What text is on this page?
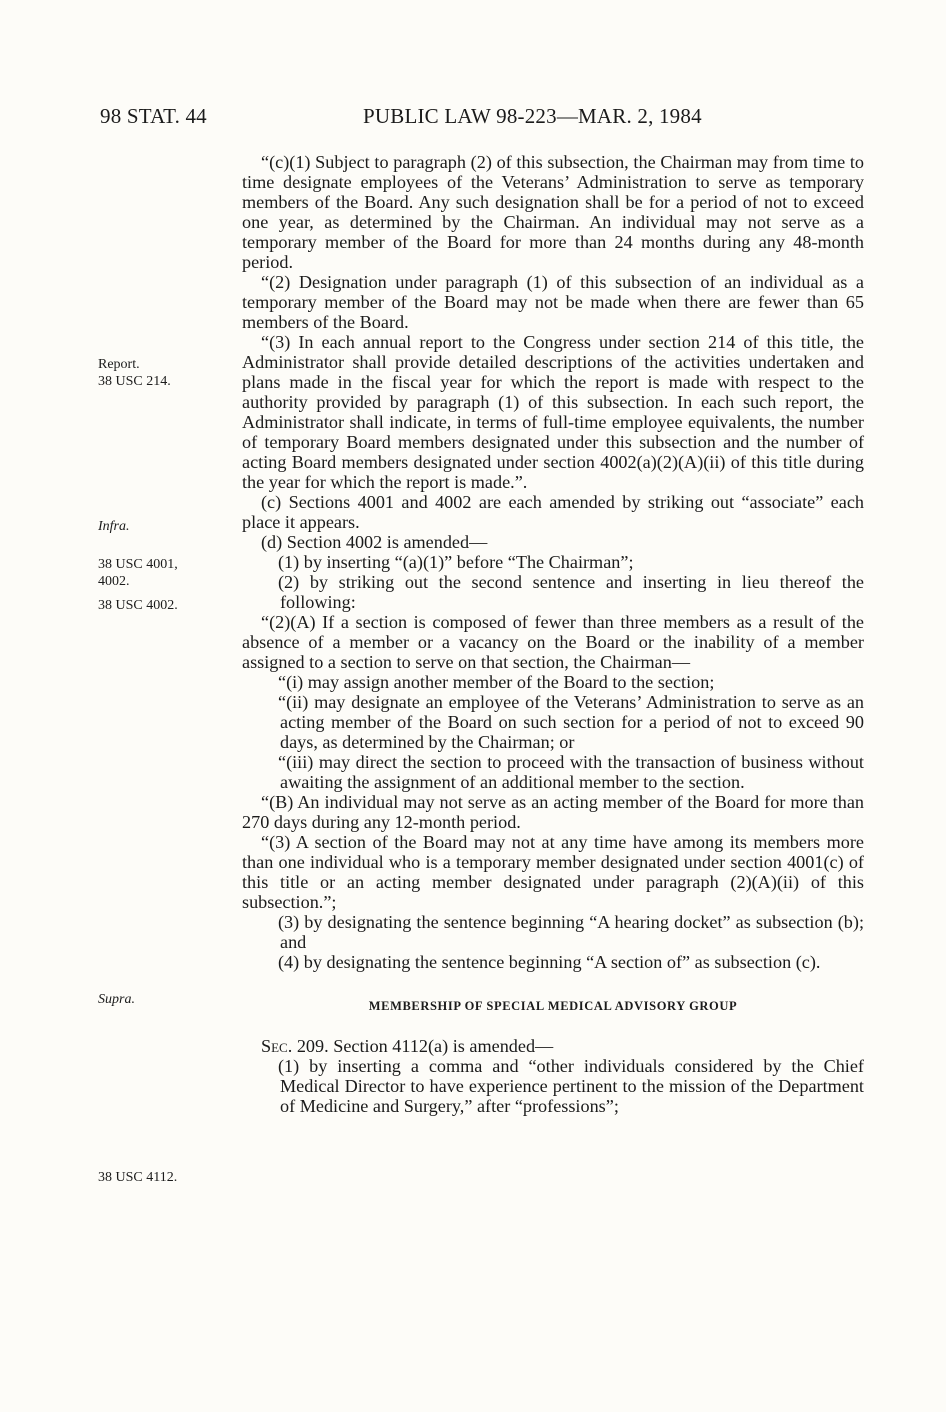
98 STAT. 44	PUBLIC LAW 98-223—MAR. 2, 1984
Report.
38 USC 214.
Infra.
38 USC 4001,
4002.
38 USC 4002.
Supra.
38 USC 4112.

“(c)(1) Subject to paragraph (2) of this subsection, the Chairman may from time to time designate employees of the Veterans’ Administration to serve as temporary members of the Board. Any such designation shall be for a period of not to exceed one year, as determined by the Chairman. An individual may not serve as a temporary member of the Board for more than 24 months during any 48-month period.

“(2) Designation under paragraph (1) of this subsection of an individual as a temporary member of the Board may not be made when there are fewer than 65 members of the Board.

“(3) In each annual report to the Congress under section 214 of this title, the Administrator shall provide detailed descriptions of the activities undertaken and plans made in the fiscal year for which the report is made with respect to the authority provided by paragraph (1) of this subsection. In each such report, the Administrator shall indicate, in terms of full-time employee equivalents, the number of temporary Board members designated under this subsection and the number of acting Board members designated under section 4002(a)(2)(A)(ii) of this title during the year for which the report is made.”.

(c) Sections 4001 and 4002 are each amended by striking out “associate” each place it appears.

(d) Section 4002 is amended—

(1) by inserting “(a)(1)” before “The Chairman”;

(2) by striking out the second sentence and inserting in lieu thereof the following:

“(2)(A) If a section is composed of fewer than three members as a result of the absence of a member or a vacancy on the Board or the inability of a member assigned to a section to serve on that section, the Chairman—

“(i) may assign another member of the Board to the section;

“(ii) may designate an employee of the Veterans’ Administration to serve as an acting member of the Board on such section for a period of not to exceed 90 days, as determined by the Chairman; or

“(iii) may direct the section to proceed with the transaction of business without awaiting the assignment of an additional member to the section.

“(B) An individual may not serve as an acting member of the Board for more than 270 days during any 12-month period.

“(3) A section of the Board may not at any time have among its members more than one individual who is a temporary member designated under section 4001(c) of this title or an acting member designated under paragraph (2)(A)(ii) of this subsection.”;

(3) by designating the sentence beginning “A hearing docket” as subsection (b); and

(4) by designating the sentence beginning “A section of” as subsection (c).

MEMBERSHIP OF SPECIAL MEDICAL ADVISORY GROUP

Sec. 209. Section 4112(a) is amended—

(1) by inserting a comma and “other individuals considered by the Chief Medical Director to have experience pertinent to the mission of the Department of Medicine and Surgery,” after “professions”;
